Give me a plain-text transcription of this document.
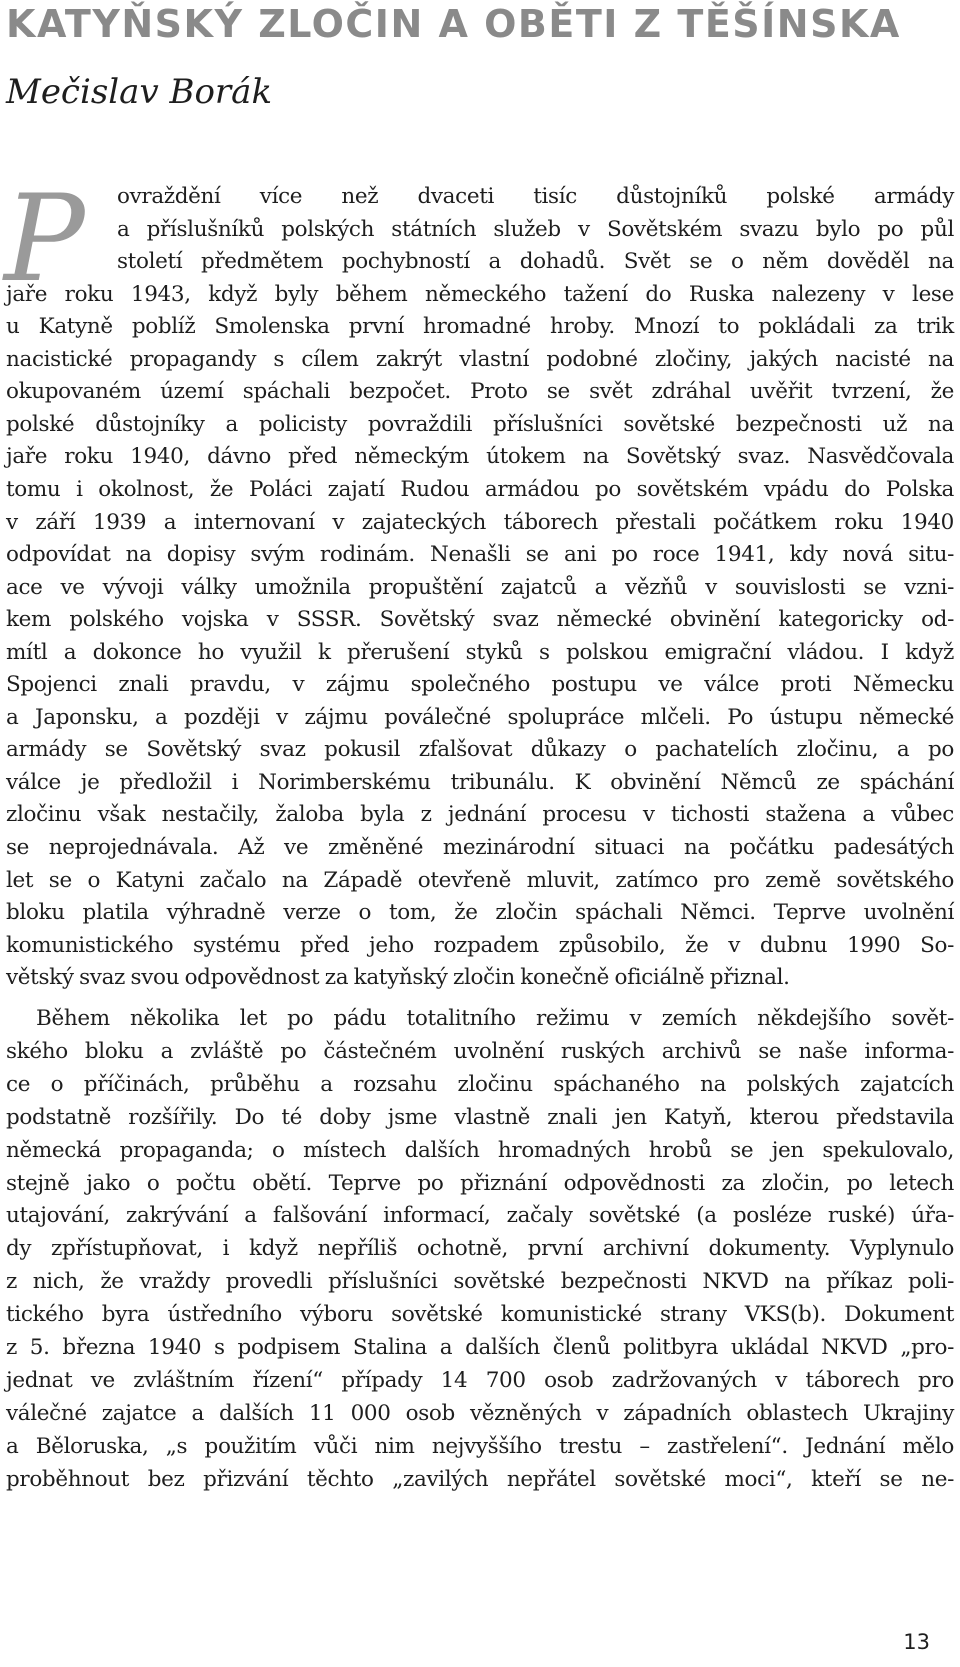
KATYŇSKÝ ZLOČIN A OBĚTI Z TĚŠÍNSKA
Mečislav Borák
P ovraždění více než dvaceti tisíc důstojníků polské armády
a příslušníků polských státních služeb v Sovětském svazu bylo po půl
století předmětem pochybností a dohadů. Svět se o něm dověděl na
jaře roku 1943, když byly během německého tažení do Ruska nalezeny v lese
u Katyně poblíž Smolenska první hromadné hroby. Mnozí to pokládali za trik
nacistické propagandy s cílem zakrýt vlastní podobné zločiny, jakých nacisté na
okupovaném území spáchali bezpočet. Proto se svět zdráhal uvěřit tvrzení, že
polské důstojníky a policisty povraždili příslušníci sovětské bezpečnosti už na
jaře roku 1940, dávno před německým útokem na Sovětský svaz. Nasvědčovala
tomu i okolnost, že Poláci zajatí Rudou armádou po sovětském vpádu do Polska
v září 1939 a internovaní v zajateckých táborech přestali počátkem roku 1940
odpovídat na dopisy svým rodinám. Nenašli se ani po roce 1941, kdy nová situ-
ace ve vývoji války umožnila propuštění zajatců a vězňů v souvislosti se vzni-
kem polského vojska v SSSR. Sovětský svaz německé obvinění kategoricky od-
mítl a dokonce ho využil k přerušení styků s polskou emigrační vládou. I když
Spojenci znali pravdu, v zájmu společného postupu ve válce proti Německu
a Japonsku, a později v zájmu poválečné spolupráce mlčeli. Po ústupu německé
armády se Sovětský svaz pokusil zfalšovat důkazy o pachatelích zločinu, a po
válce je předložil i Norimberskému tribunálu. K obvinění Němců ze spáchání
zločinu však nestačily, žaloba byla z jednání procesu v tichosti stažena a vůbec
se neprojednávala. Až ve změněné mezinárodní situaci na počátku padesátých
let se o Katyni začalo na Západě otevřeně mluvit, zatímco pro země sovětského
bloku platila výhradně verze o tom, že zločin spáchali Němci. Teprve uvolnění
komunistického systému před jeho rozpadem způsobilo, že v dubnu 1990 So-
větský svaz svou odpovědnost za katyňský zločin konečně oficiálně přiznal.
Během několika let po pádu totalitního režimu v zemích někdejšího sovět-
ského bloku a zvláště po částečném uvolnění ruských archivů se naše informa-
ce o příčinách, průběhu a rozsahu zločinu spáchaného na polských zajatcích
podstatně rozšířily. Do té doby jsme vlastně znali jen Katyň, kterou představila
německá propaganda; o místech dalších hromadných hrobů se jen spekulovalo,
stejně jako o počtu obětí. Teprve po přiznání odpovědnosti za zločin, po letech
utajování, zakrývání a falšování informací, začaly sovětské (a posléze ruské) úřa-
dy zpřístupňovat, i když nepříliš ochotně, první archivní dokumenty. Vyplynulo
z nich, že vraždy provedli příslušníci sovětské bezpečnosti NKVD na příkaz poli-
tického byra ústředního výboru sovětské komunistické strany VKS(b). Dokument
z 5. března 1940 s podpisem Stalina a dalších členů politbyra ukládal NKVD „pro-
jednat ve zvláštním řízení“ případy 14 700 osob zadržovaných v táborech pro
válečné zajatce a dalších 11 000 osob vězněných v západních oblastech Ukrajiny
a Běloruska, „s použitím vůči nim nejvyššího trestu – zastřelení“. Jednání mělo
proběhnout bez přizvání těchto „zavilých nepřátel sovětské moci“, kteří se ne-
13
